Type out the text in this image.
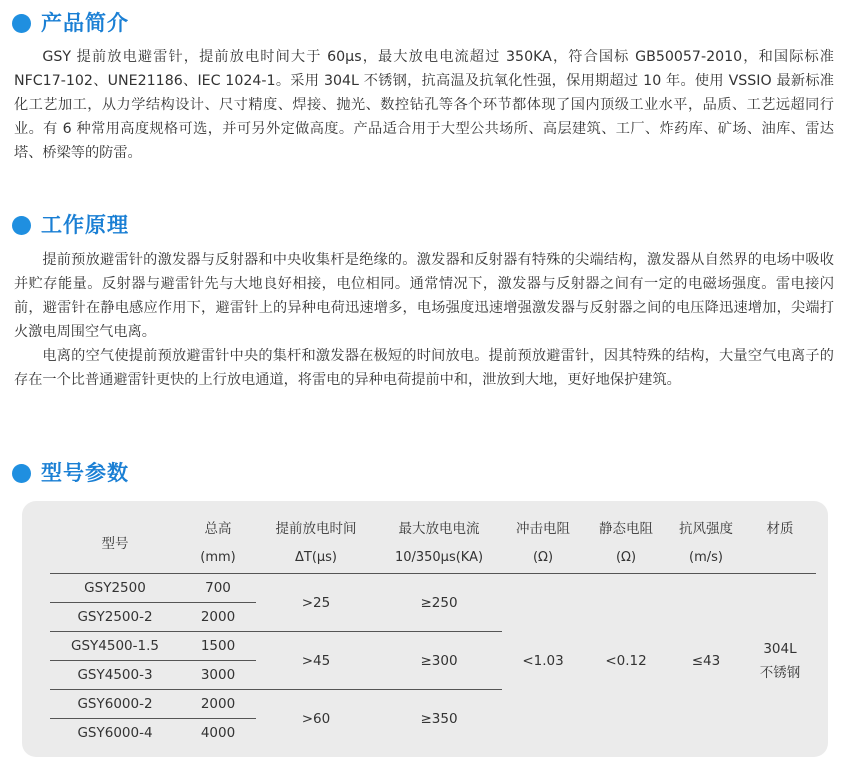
产品简介

GSY 提前放电避雷针，提前放电时间大于 60μs，最大放电电流超过 350KA，符合国标 GB50057-2010，和国际标准 NFC17-102、UNE21186、IEC 1024-1。采用 304L 不锈钢，抗高温及抗氧化性强，保用期超过 10 年。使用 VSSIO 最新标准化工艺加工，从力学结构设计、尺寸精度、焊接、抛光、数控钻孔等各个环节都体现了国内顶级工业水平，品质、工艺远超同行业。有 6 种常用高度规格可选，并可另外定做高度。产品适合用于大型公共场所、高层建筑、工厂、炸药库、矿场、油库、雷达塔、桥梁等的防雷。

工作原理

提前预放避雷针的激发器与反射器和中央收集杆是绝缘的。激发器和反射器有特殊的尖端结构，激发器从自然界的电场中吸收并贮存能量。反射器与避雷针先与大地良好相接，电位相同。通常情况下，激发器与反射器之间有一定的电磁场强度。雷电接闪前，避雷针在静电感应作用下，避雷针上的异种电荷迅速增多，电场强度迅速增强激发器与反射器之间的电压降迅速增加，尖端打火激电周围空气电离。

电离的空气使提前预放避雷针中央的集杆和激发器在极短的时间放电。提前预放避雷针，因其特殊的结构，大量空气电离子的存在一个比普通避雷针更快的上行放电通道，将雷电的异种电荷提前中和，泄放到大地，更好地保护建筑。

型号参数
型号	总高	提前放电时间	最大放电电流	冲击电阻	静态电阻	抗风强度	材质
	(mm)	ΔT(μs)	10/350μs(KA)	(Ω)	(Ω)	(m/s)	
GSY2500	700	>25	≥250	<1.03	<0.12	≤43	304L
不锈钢

GSY2500-2	2000						
GSY4500-1.5	1500	>45	≥300				
GSY4500-3	3000						
GSY6000-2	2000	>60	≥350				
GSY6000-4	4000						
